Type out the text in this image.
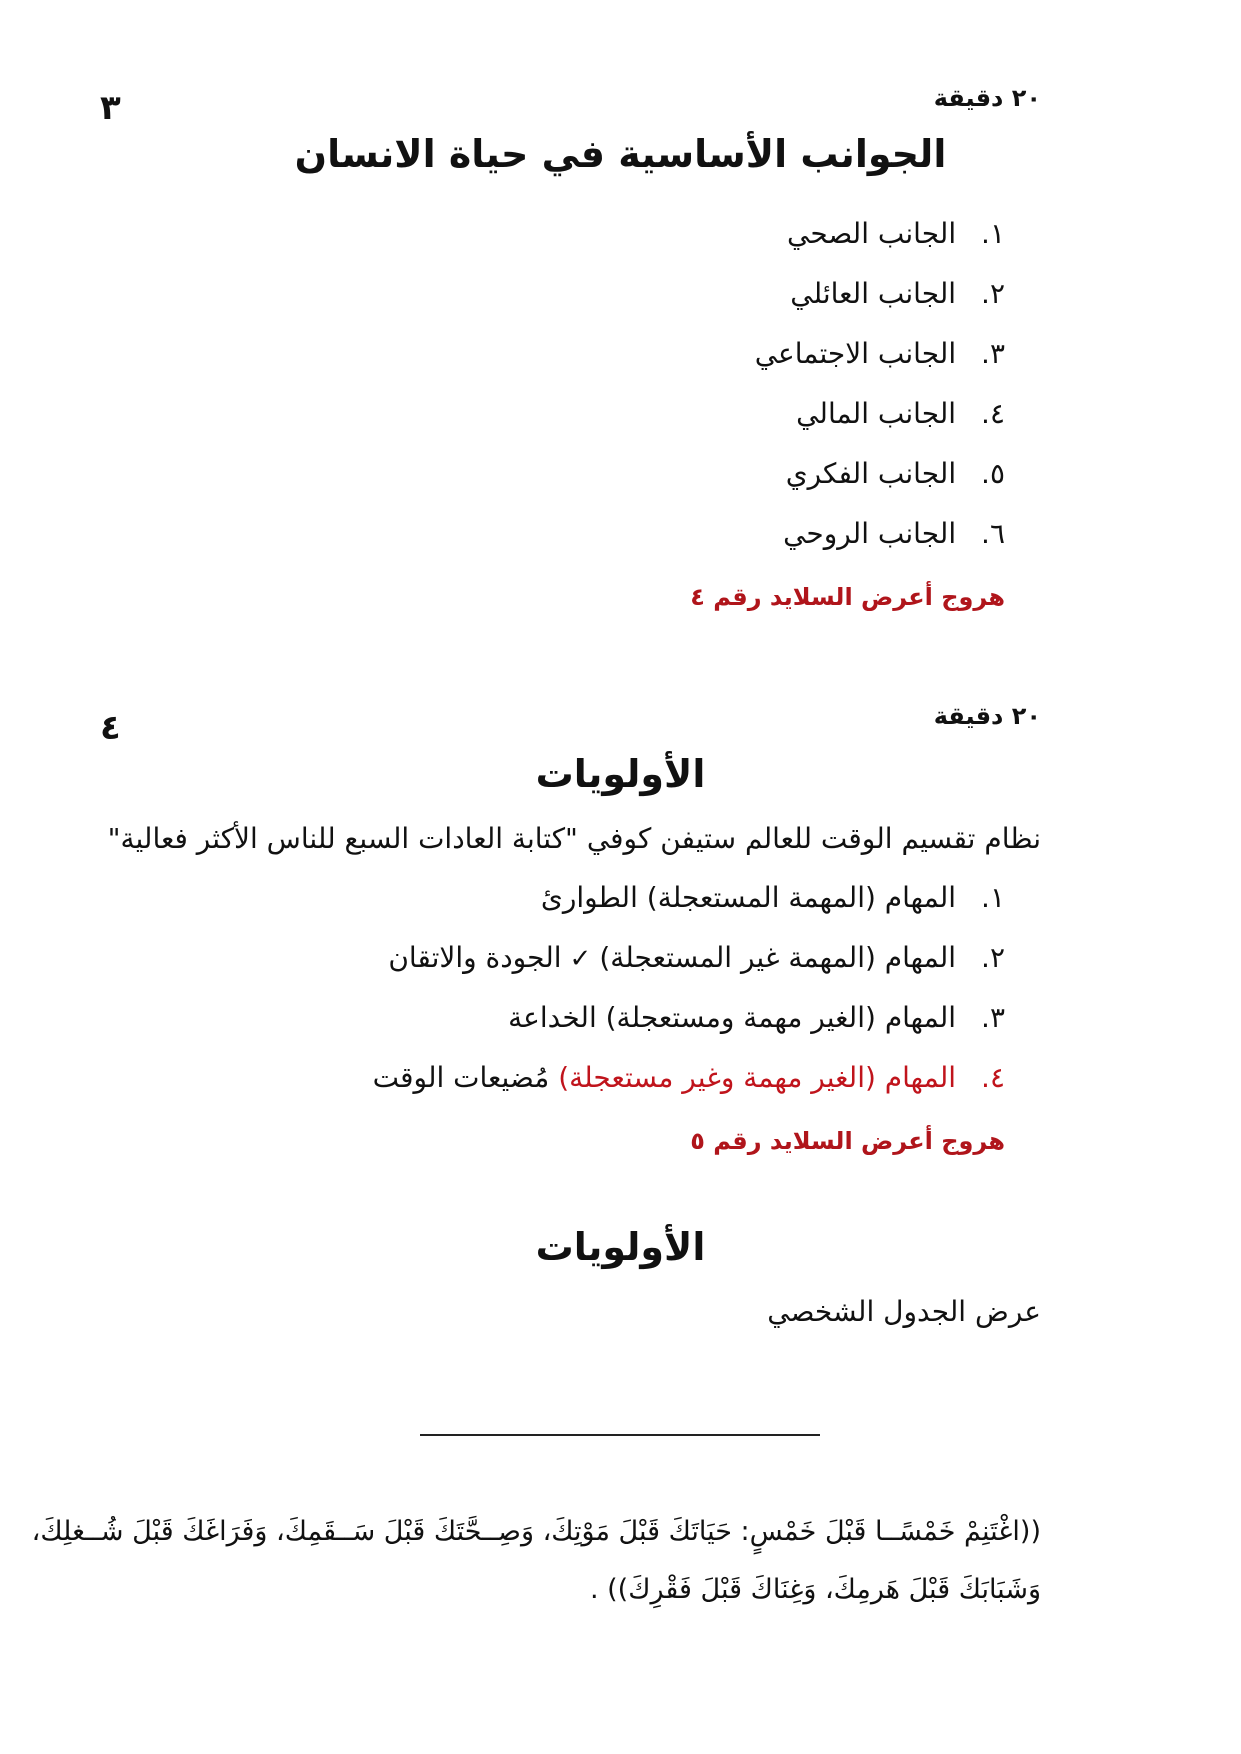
٢٠ دقيقة
٣
الجوانب الأساسية في حياة الانسان
١. الجانب الصحي
٢. الجانب العائلي
٣. الجانب الاجتماعي
٤. الجانب المالي
٥. الجانب الفكري
٦. الجانب الروحي
هروج أعرض السلايد رقم ٤
٢٠ دقيقة
٤
الأولويات
نظام تقسيم الوقت للعالم ستيفن كوفي "كتابة العادات السبع للناس الأكثر فعالية"
١. المهام (المهمة المستعجلة) الطوارئ
٢. المهام (المهمة غير المستعجلة)✓الجودة والاتقان
٣. المهام (الغير مهمة ومستعجلة) الخداعة
٤. المهام (الغير مهمة وغير مستعجلة) مُضيعات الوقت
هروج أعرض السلايد رقم ٥
الأولويات
عرض الجدول الشخصي
((اغْتَنِمْ خَمْسًــا قَبْلَ خَمْسٍ: حَيَاتَكَ قَبْلَ مَوْتِكَ، وَصِــحَّتَكَ قَبْلَ سَــقَمِكَ، وَفَرَاغَكَ قَبْلَ شُــغلِكَ،
وَشَبَابَكَ قَبْلَ هَرمِكَ، وَغِنَاكَ قَبْلَ فَقْرِكَ)) .
